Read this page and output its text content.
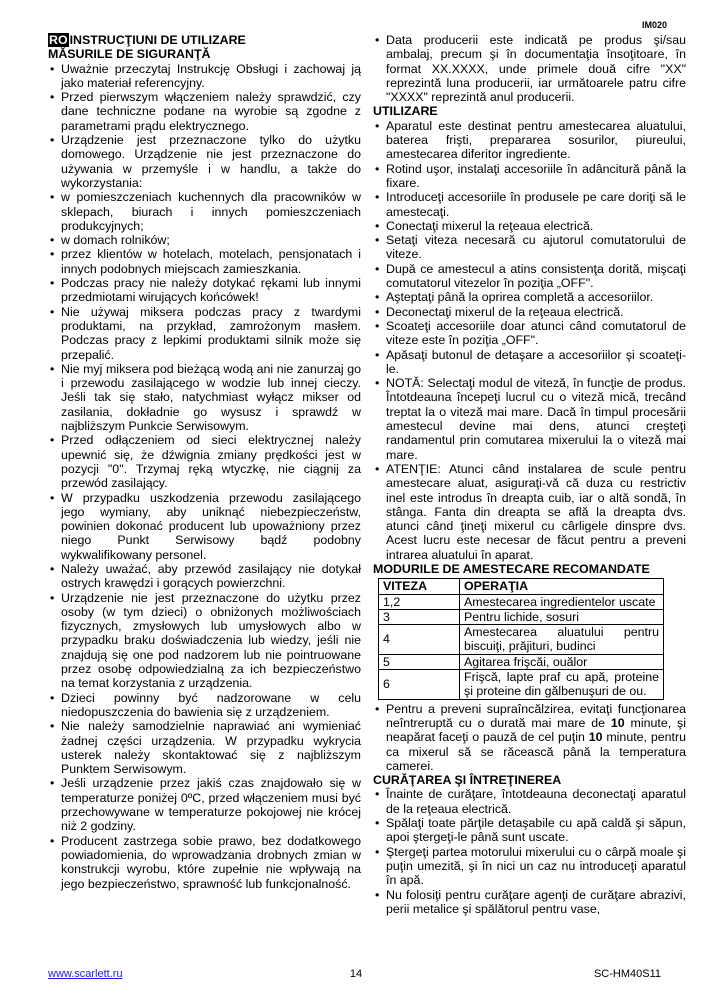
IM020
RO INSTRUCŢIUNI DE UTILIZARE
MĂSURILE DE SIGURANŢĂ
• Uważnie przeczytaj Instrukcję Obsługi i zachowaj ją jako materiał referencyjny.
• Przed pierwszym włączeniem należy sprawdzić, czy dane techniczne podane na wyrobie są zgodne z parametrami prądu elektrycznego.
• Urządzenie jest przeznaczone tylko do użytku domowego. Urządzenie nie jest przeznaczone do używania w przemyśle i w handlu, a także do wykorzystania:
• w pomieszczeniach kuchennych dla pracowników w sklepach, biurach i innych pomieszczeniach produkcyjnych;
• w domach rolników;
• przez klientów w hotelach, motelach, pensjonatach i innych podobnych miejscach zamieszkania.
• Podczas pracy nie należy dotykać rękami lub innymi przedmiotami wirujących końcówek!
• Nie używaj miksera podczas pracy z twardymi produktami, na przykład, zamrożonym masłem. Podczas pracy z lepkimi produktami silnik może się przepalić.
• Nie myj miksera pod bieżącą wodą ani nie zanurzaj go i przewodu zasilającego w wodzie lub innej cieczy. Jeśli tak się stało, natychmiast wyłącz mikser od zasilania, dokładnie go wysusz i sprawdź w najbliższym Punkcie Serwisowym.
• Przed odłączeniem od sieci elektrycznej należy upewnić się, że dźwignia zmiany prędkości jest w pozycji "0". Trzymaj ręką wtyczkę, nie ciągnij za przewód zasilający.
• W przypadku uszkodzenia przewodu zasilającego jego wymiany, aby uniknąć niebezpieczeństw, powinien dokonać producent lub upoważniony przez niego Punkt Serwisowy bądź podobny wykwalifikowany personel.
• Należy uważać, aby przewód zasilający nie dotykał ostrych krawędzi i gorących powierzchni.
• Urządzenie nie jest przeznaczone do użytku przez osoby (w tym dzieci) o obniżonych możliwościach fizycznych, zmysłowych lub umysłowych albo w przypadku braku doświadczenia lub wiedzy, jeśli nie znajdują się one pod nadzorem lub nie pointruowane przez osobę odpowiedzialną za ich bezpieczeństwo na temat korzystania z urządzenia.
• Dzieci powinny być nadzorowane w celu niedopuszczenia do bawienia się z urządzeniem.
• Nie należy samodzielnie naprawiać ani wymieniać żadnej części urządzenia. W przypadku wykrycia usterek należy skontaktować się z najbliższym Punktem Serwisowym.
• Jeśli urządzenie przez jakiś czas znajdowało się w temperaturze poniżej 0ºC, przed włączeniem musi być przechowywane w temperaturze pokojowej nie krócej niż 2 godziny.
• Producent zastrzega sobie prawo, bez dodatkowego powiadomienia, do wprowadzania drobnych zmian w konstrukcji wyrobu, które zupełnie nie wpływają na jego bezpieczeństwo, sprawność lub funkcjonalność.
• Data producerii este indicată pe produs şi/sau ambalaj, precum şi în documentaţia însoţitoare, în format XX.XXXX, unde primele două cifre "XX" reprezintă luna producerii, iar următoarele patru cifre "XXXX" reprezintă anul producerii.
UTILIZARE
• Aparatul este destinat pentru amestecarea aluatului, baterea frişti, prepararea sosurilor, piureului, amestecarea diferitor ingrediente.
• Rotind uşor, instalaţi accesoriile în adâncitură până la fixare.
• Introduceţi accesoriile în produsele pe care doriţi să le amestecaţi.
• Conectaţi mixerul la reţeaua electrică.
• Setaţi viteza necesară cu ajutorul comutatorului de viteze.
• După ce amestecul a atins consistenţa dorită, mişcaţi comutatorul vitezelor în poziţia „OFF".
• Aşteptaţi până la oprirea completă a accesoriilor.
• Deconectaţi mixerul de la reţeaua electrică.
• Scoateţi accesoriile doar atunci când comutatorul de viteze este în poziţia „OFF".
• Apăsaţi butonul de detaşare a accesoriilor şi scoateţi-le.
• NOTĂ: Selectaţi modul de viteză, în funcţie de produs. Întotdeauna începeţi lucrul cu o viteză mică, trecând treptat la o viteză mai mare. Dacă în timpul procesării amestecul devine mai dens, atunci creşteţi randamentul prin comutarea mixerului la o viteză mai mare.
• ATENŢIE: Atunci când instalarea de scule pentru amestecare aluat, asiguraţi-vă că duza cu restrictiv inel este introdus în dreapta cuib, iar o altă sondă, în stânga. Fanta din dreapta se află la dreapta dvs. atunci când ţineţi mixerul cu cârligele dinspre dvs. Acest lucru este necesar de făcut pentru a preveni intrarea aluatului în aparat.
MODURILE DE AMESTECARE RECOMANDATE
VITEZA	OPERAŢIA
1,2	Amestecarea ingredientelor uscate
3	Pentru lichide, sosuri
4	Amestecarea aluatului pentru biscuiţi, prăjituri, budinci
5	Agitarea frişcăi, ouălor
6	Frişcă, lapte praf cu apă, proteine şi proteine din gălbenuşuri de ou.
• Pentru a preveni supraîncălzirea, evitaţi funcţionarea neîntreruptă cu o durată mai mare de 10 minute, şi neapărat faceţi o pauză de cel puţin 10 minute, pentru ca mixerul să se răcească până la temperatura camerei.
CURĂŢAREA ŞI ÎNTREŢINEREA
• Înainte de curăţare, întotdeauna deconectaţi aparatul de la reţeaua electrică.
• Spălaţi toate părţile detaşabile cu apă caldă şi săpun, apoi ştergeţi-le până sunt uscate.
• Ştergeţi partea motorului mixerului cu o cârpă moale şi puţin umezită, şi în nici un caz nu introduceţi aparatul în apă.
• Nu folosiţi pentru curăţare agenţi de curăţare abrazivi, perii metalice şi spălătorul pentru vase,
www.scarlett.ru	14	SC-HM40S11
